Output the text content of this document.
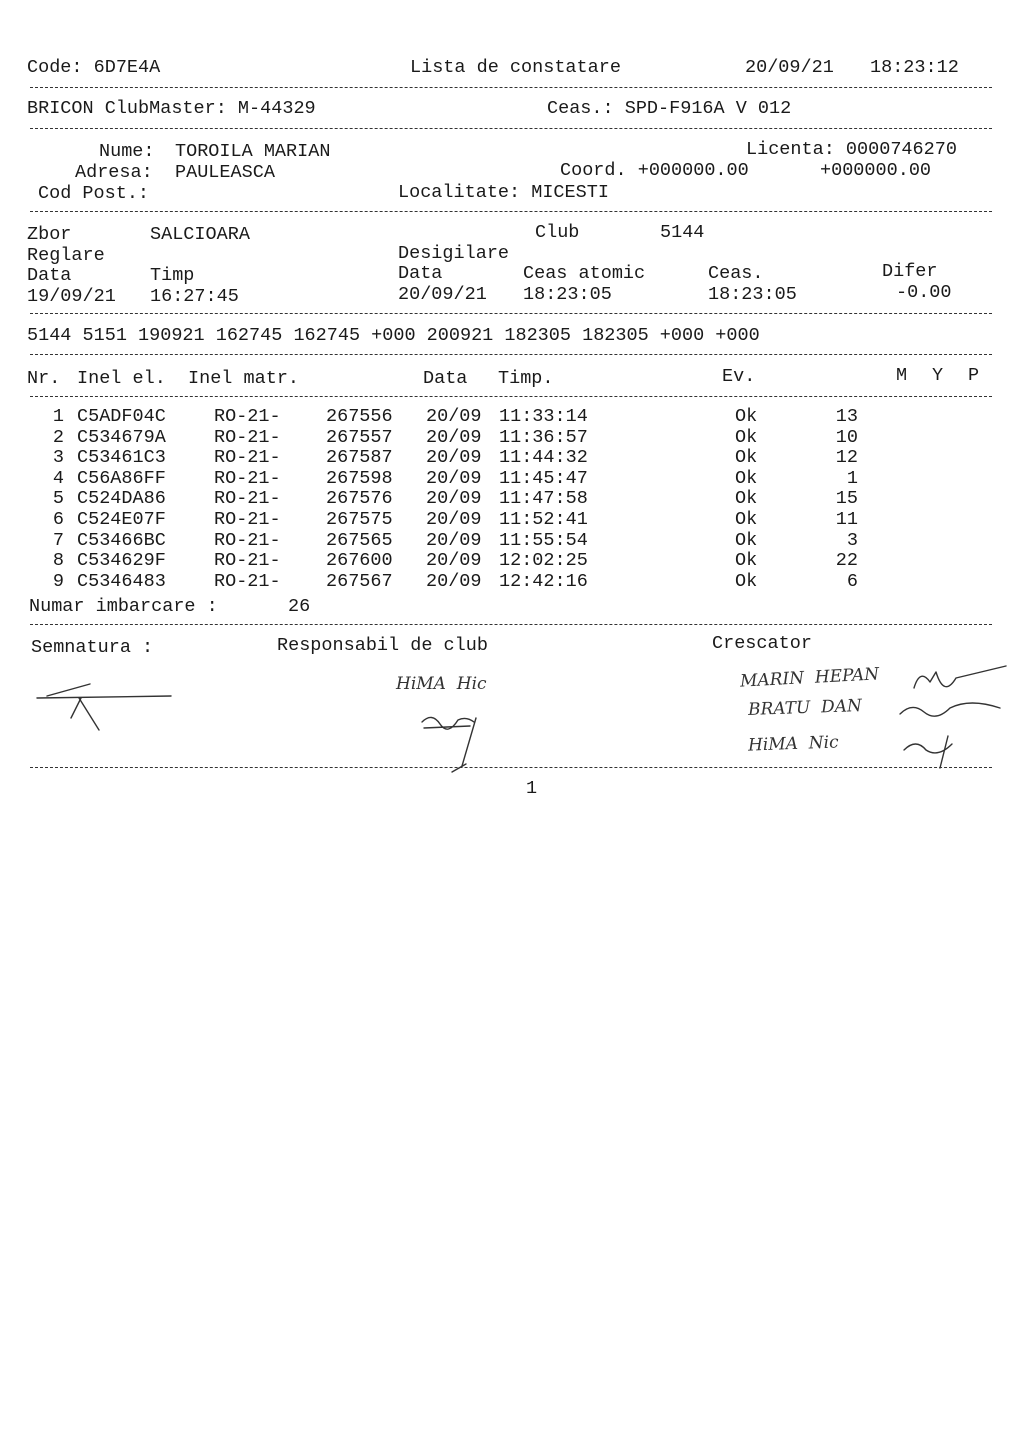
Code: 6D7E4A	Lista de constatare	20/09/21 18:23:12
BRICON ClubMaster: M-44329	Ceas.: SPD-F916A V 012
Nume: TOROILA MARIAN	Licenta: 0000746270
Adresa: PAULEASCA	Coord. +000000.00	+000000.00
Cod Post.:	Localitate: MICESTI
Zbor	SALCIOARA	Club	5144
Reglare	Desigilare
Data	Timp	Data	Ceas atomic	Ceas.	Difer
19/09/21 16:27:45	20/09/21 18:23:05	18:23:05	-0.00
5144 5151 190921 162745 162745 +000 200921 182305 182305 +000 +000
Nr. Inel el. Inel matr.	Data Timp.	Ev.	M Y P
1 C5ADF04C	RO-21- 267556 20/09 11:33:14	Ok	13
2 C534679A	RO-21- 267557 20/09 11:36:57	Ok	10
3 C53461C3	RO-21- 267587 20/09 11:44:32	Ok	12
4 C56A86FF	RO-21- 267598 20/09 11:45:47	Ok	1
5 C524DA86	RO-21- 267576 20/09 11:47:58	Ok	15
6 C524E07F	RO-21- 267575 20/09 11:52:41	Ok	11
7 C53466BC	RO-21- 267565 20/09 11:55:54	Ok	3
8 C534629F	RO-21- 267600 20/09 12:02:25	Ok	22
9 C5346483	RO-21- 267567 20/09 12:42:16	Ok	6
Numar imbarcare :	26
Semnatura :	Responsabil de club	Crescator
HiMA  Hic	MARIN  HEPAN
BRATU  DAN
HiMA  Nic
1
